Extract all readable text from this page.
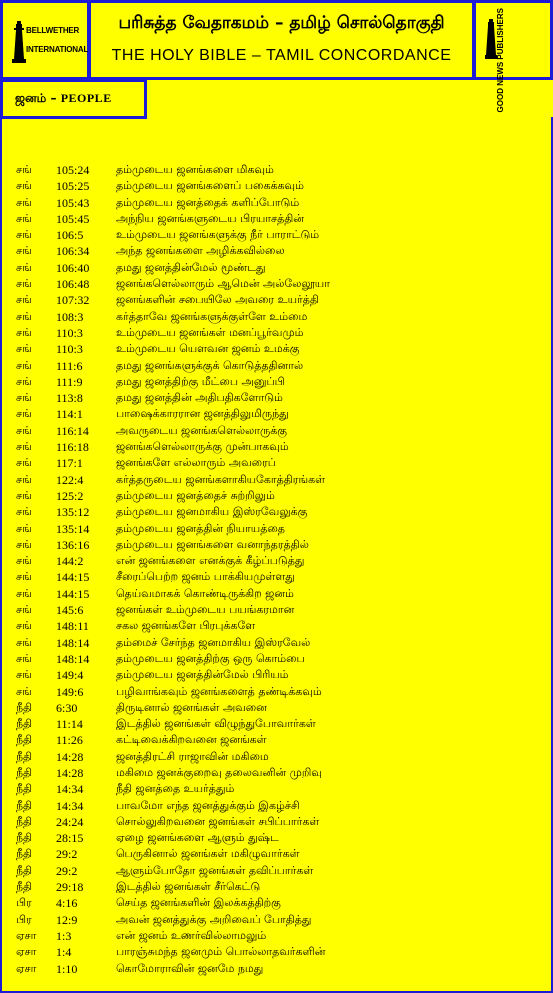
BELLWETHER
INTERNATIONAL
பரிசுத்த வேதாகமம் – தமிழ் சொல்தொகுதி
THE HOLY BIBLE – TAMIL CONCORDANCE	GOOD NEWS PUBLISHERS
ஜனம் – PEOPLE
சங் 105:24 தம்முடைய ஜனங்களை மிகவும்
சங் 105:25 தம்முடைய ஜனங்களைப் பகைக்கவும்
சங் 105:43 தம்முடைய ஜனத்தைக் களிப்போடும்
சங் 105:45 அந்நிய ஜனங்களுடைய பிரயாசத்தின்
சங் 106:5	உம்முடைய ஜனங்களுக்கு நீர் பாராட்டும்
சங் 106:34 அந்த ஜனங்களை அழிக்கவில்லை
சங் 106:40 தமது ஜனத்தின்மேல் மூண்டது
சங் 106:48 ஜனங்களெல்லாரும் ஆமென் அல்லேலூயா
சங் 107:32 ஜனங்களின் சபையிலே அவரை உயர்த்தி
சங் 108:3	கர்த்தாவே ஜனங்களுக்குள்ளே உம்மை
சங் 110:3	உம்முடைய ஜனங்கள் மனப்பூர்வமும்
சங் 110:3	உம்முடைய யௌவன ஜனம் உமக்கு
சங் 111:6	தமது ஜனங்களுக்குக் கொடுத்ததினால்
சங் 111:9	தமது ஜனத்திற்கு மீட்பை அனுப்பி
சங் 113:8	தமது ஜனத்தின் அதிபதிகளோடும்
சங் 114:1	பாஷைக்காரரான ஜனத்திலுமிருந்து
சங் 116:14 அவருடைய ஜனங்களெல்லாருக்கு
சங் 116:18 ஜனங்களெல்லாருக்கு முன்பாகவும்
சங் 117:1	ஜனங்களே எல்லாரும் அவரைப்
சங் 122:4	கர்த்தருடைய ஜனங்களாகியகோத்திரங்கள்
சங் 125:2	தம்முடைய ஜனத்தைச் சுற்றிலும்
சங் 135:12 தம்முடைய ஜனமாகிய இஸ்ரவேலுக்கு
சங் 135:14 தம்முடைய ஜனத்தின் நியாயத்தை
சங் 136:16 தம்முடைய ஜனங்களை வனாந்தரத்தில்
சங் 144:2	என் ஜனங்களை எனக்குக் கீழ்ப்படுத்து
சங் 144:15 சீரைப்பெற்ற ஜனம் பாக்கியமுள்ளது
சங் 144:15 தெய்வமாகக் கொண்டிருக்கிற ஜனம்
சங் 145:6	ஜனங்கள் உம்முடைய பயங்கரமான
சங் 148:11 சகல ஜனங்களே பிரபுக்களே
சங் 148:14 தம்மைச் சேர்ந்த ஜனமாகிய இஸ்ரவேல்
சங் 148:14 தம்முடைய ஜனத்திற்கு ஒரு கொம்பை
சங் 149:4	தம்முடைய ஜனத்தின்மேல் பிரியம்
சங் 149:6	பழிவாங்கவும் ஜனங்களைத் தண்டிக்கவும்
நீதி 6:30	திருடினால் ஜனங்கள் அவனை
நீதி 11:14	இடத்தில் ஜனங்கள் விழுந்துபோவார்கள்
நீதி 11:26	கட்டிவைக்கிறவனை ஜனங்கள்
நீதி 14:28	ஜனத்திரட்சி ராஜாவின் மகிமை
நீதி 14:28	மகிமை ஜனக்குறைவு தலைவனின் முறிவு
நீதி 14:34	நீதி ஜனத்தை உயர்த்தும்
நீதி 14:34	பாவமோ எந்த ஜனத்துக்கும் இகழ்ச்சி
நீதி 24:24	சொல்லுகிறவனை ஜனங்கள் சபிப்பார்கள்
நீதி 28:15	ஏழை ஜனங்களை ஆளும் துஷ்ட
நீதி 29:2	பெருகினால் ஜனங்கள் மகிழுவார்கள்
நீதி 29:2	ஆளும்போதோ ஜனங்கள் தவிப்பார்கள்
நீதி 29:18	இடத்தில் ஜனங்கள் சீர்கெட்டு
பிர 4:16	செய்த ஜனங்களின் இலக்கத்திற்கு
பிர 12:9	அவன் ஜனத்துக்கு அறிவைப் போதித்து
ஏசா 1:3	என் ஜனம் உணர்வில்லாமலும்
ஏசா 1:4	பாரஞ்சுமந்த ஜனமும் பொல்லாதவர்களின்
ஏசா 1:10	கொமோராவின் ஜனமே நமது
